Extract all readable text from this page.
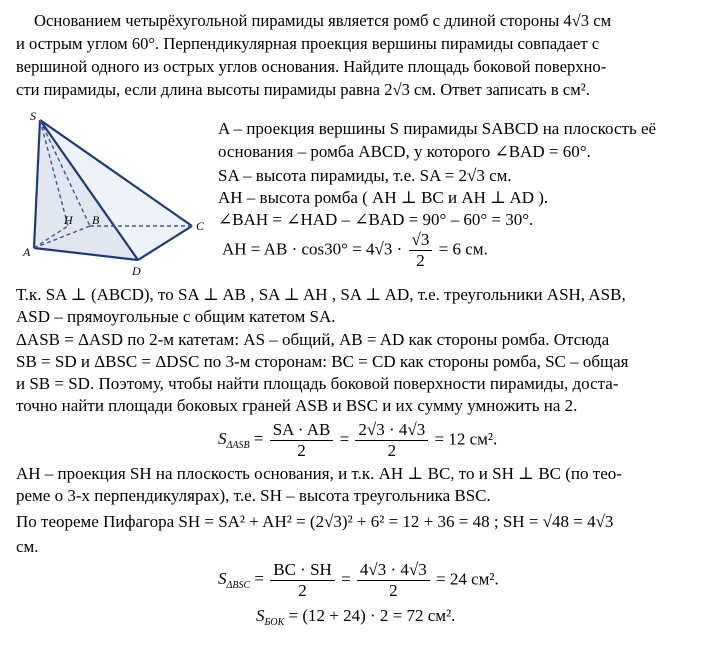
Основанием четырёхугольной пирамиды является ромб с длиной стороны 4√3 см
и острым углом 60°. Перпендикулярная проекция вершины пирамиды совпадает с
вершиной одного из острых углов основания. Найдите площадь боковой поверхно-
сти пирамиды, если длина высоты пирамиды равна 2√3 см. Ответ записать в см².
S
A
H B	C
D
A – проекция вершины S пирамиды SABCD на плоскость её
основания – ромба ABCD, у которого ∠BAD = 60°.
SA – высота пирамиды, т.е. SA = 2√3 см.
AH – высота ромба ( AH ⊥ BC и AH ⊥ AD ).
∠BAH = ∠HAD – ∠BAD = 90° – 60° = 30°.
AH = AB · $\cos 30^\circ = 4√3 \cdot \frac{√3}{2} = 6$ см.
Т.к. SA ⊥ (ABCD), то SA ⊥ AB , SA ⊥ AH , SA ⊥ AD, т.е. треугольники ASH, ASB,
ASD – прямоугольные с общим катетом SA.
ΔASB = ΔASD по 2-м катетам: AS – общий, AB = AD как стороны ромба. Отсюда
SB = SD и ΔBSC = ΔDSC по 3-м сторонам: BC = CD как стороны ромба, SC – общая
и SB = SD. Поэтому, чтобы найти площадь боковой поверхности пирамиды, доста-
точно найти площади боковых граней ASB и BSC и их сумму умножить на 2.
$S_{\Delta ASB} = \frac{SA \cdot AB}{2} = \frac{2√3 \cdot 4√3}{2} = 12$ см².
AH – проекция SH на плоскость основания, и т.к. AH ⊥ BC, то и SH ⊥ BC (по тео-
реме о 3-х перпендикулярах), т.е. SH – высота треугольника BSC.
По теореме Пифагора SH = SA² + AH² = (2√3)² + 6² = 12 + 36 = 48 ; SH = √48 = 4√3
см.
$S_{\Delta BSC} = \frac{BC \cdot SH}{2} = \frac{4√3 \cdot 4√3}{2} = 24$ см².
$S_{БОК} = (12 + 24) \cdot 2 = 72$ см².
